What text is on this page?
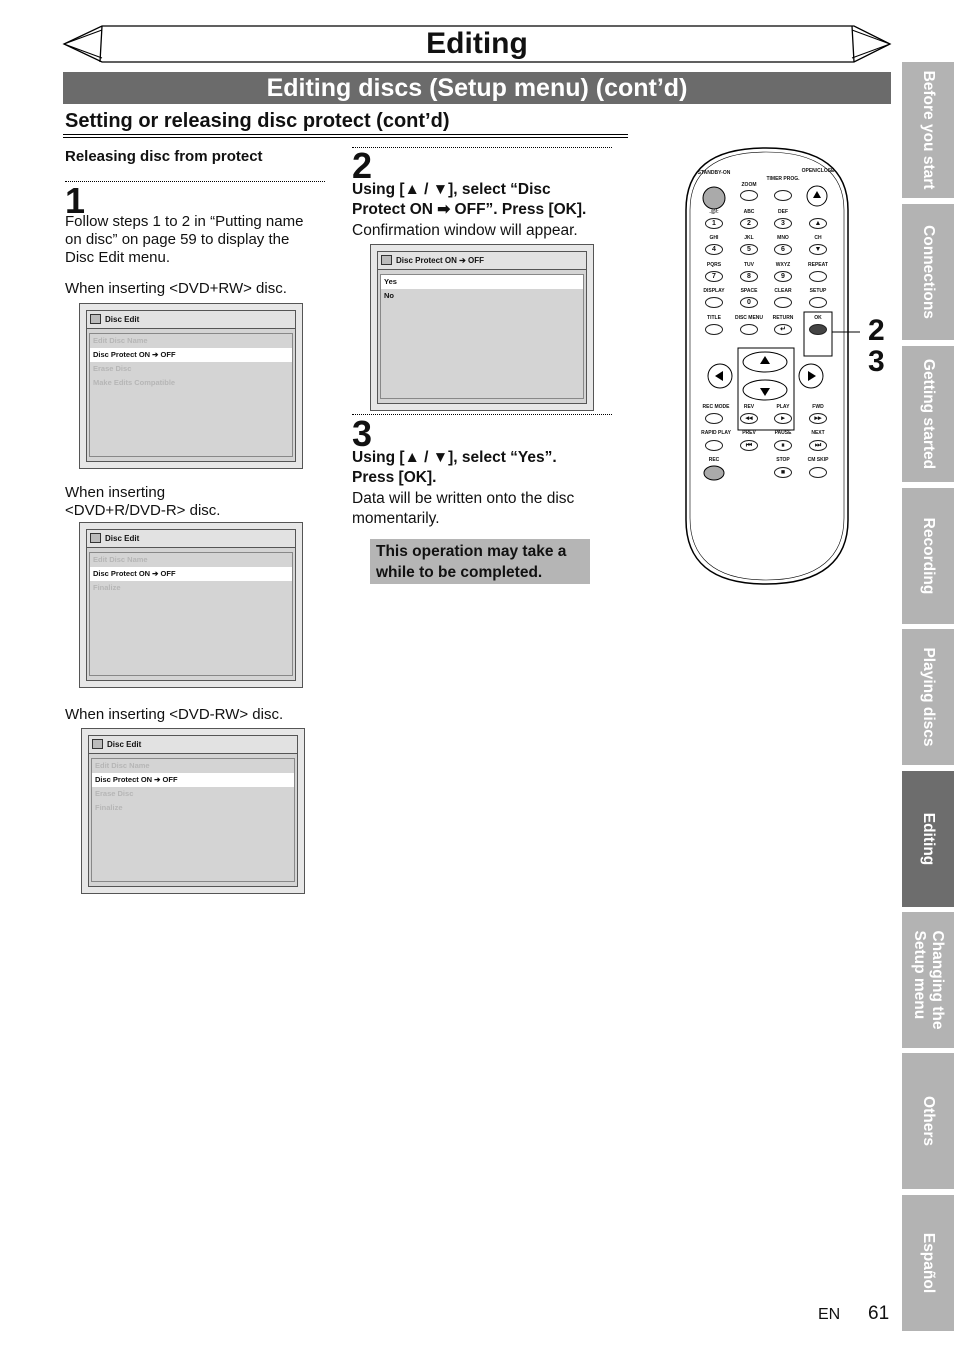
Editing
Editing discs (Setup menu) (cont’d)
Setting or releasing disc protect (cont’d)
Releasing disc from protect
1
Follow steps 1 to 2 in “Putting name
on disc” on page 59 to display the
Disc Edit menu.
When inserting <DVD+RW> disc.
Disc Edit
Edit Disc Name
Disc Protect ON ➔ OFF
Erase Disc
Make Edits Compatible
When inserting
<DVD+R/DVD-R> disc.
Disc Edit
Edit Disc Name
Disc Protect ON ➔ OFF
Finalize
When inserting <DVD-RW> disc.
Disc Edit
Edit Disc Name
Disc Protect ON ➔ OFF
Erase Disc
Finalize
2
Using [▲ / ▼], select “Disc
Protect ON ➡ OFF”. Press [OK].
Confirmation window will appear.
Disc Protect ON ➔ OFF
Yes
No
3
Using [▲ / ▼], select “Yes”.
Press [OK].
Data will be written onto the disc
momentarily.
This operation may take a
while to be completed.
STANDBY-ON	OPEN/CLOSE
ZOOM
TIMER PROG.
.@/:	ABC	DEF
1	2	3	▲
GHI	JKL	MNO	CH
4	5	6	▼
PQRS	TUV	WXYZ	REPEAT
7	8	9
DISPLAY	SPACE	CLEAR	SETUP
0
TITLE	DISC MENU	RETURN	OK
↵
REC MODE	REV	PLAY	FWD
◂◂	▸	▸▸
RAPID PLAY	PREV	PAUSE	NEXT
⏮	⏸	⏭
REC	STOP	CM SKIP
■
2
3
Before you start
Connections
Getting started
Recording
Playing discs
Editing
Changing the
Setup menu
Others
Español
EN 61
